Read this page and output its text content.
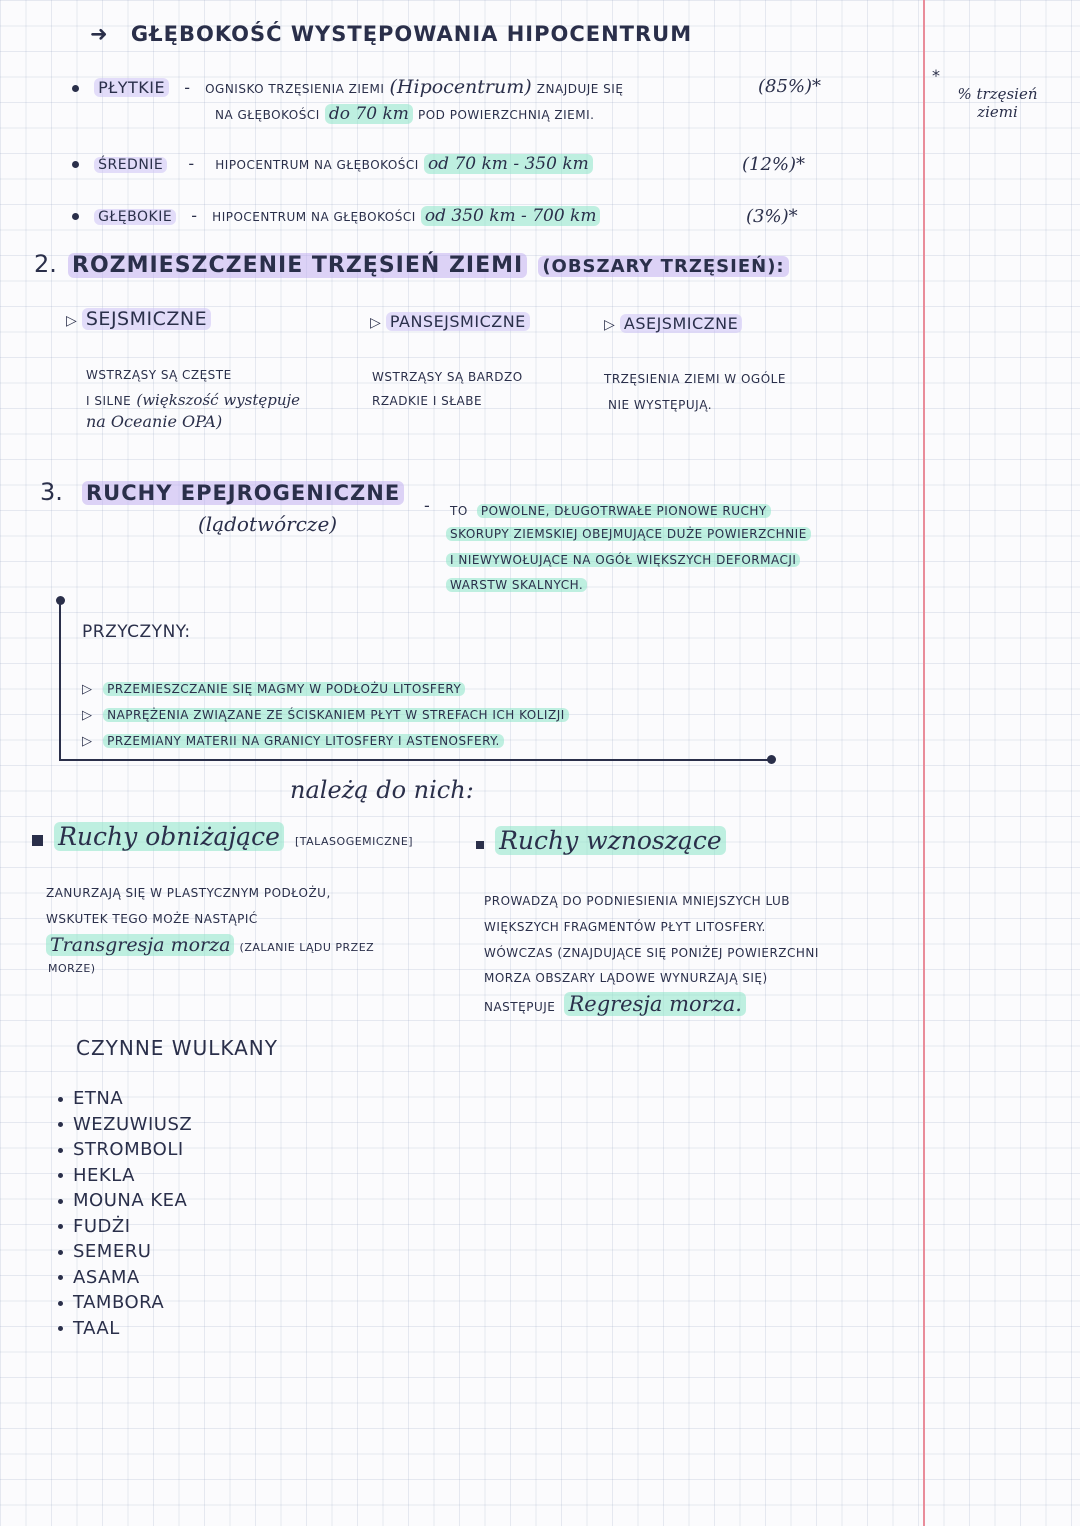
➜ GŁĘBOKOŚĆ WYSTĘPOWANIA HIPOCENTRUM
PŁYTKIE - OGNISKO TRZĘSIENIA ZIEMI (Hipocentrum) ZNAJDUJE SIĘ
NA GŁĘBOKOŚCI do 70 km POD POWIERZCHNIĄ ZIEMI.
(85%)*
ŚREDNIE - HIPOCENTRUM NA GŁĘBOKOŚCI od 70 km - 350 km	(12%)*
GŁĘBOKIE - HIPOCENTRUM NA GŁĘBOKOŚCI od 350 km - 700 km	(3%)*
*
% trzęsień
ziemi
2. ROZMIESZCZENIE TRZĘSIEŃ ZIEMI (OBSZARY TRZĘSIEŃ):
▷ SEJSMICZNE
WSTRZĄSY SĄ CZĘSTE
I SILNE (większość występuje
na Oceanie OPA)
▷ PANSEJSMICZNE
WSTRZĄSY SĄ BARDZO
RZADKIE I SŁABE
▷ ASEJSMICZNE
TRZĘSIENIA ZIEMI W OGÓLE
NIE WYSTĘPUJĄ.
3. RUCHY EPEJROGENICZNE
(lądotwórcze)
- TO POWOLNE, DŁUGOTRWAŁE PIONOWE RUCHY
SKORUPY ZIEMSKIEJ OBEJMUJĄCE DUŻE POWIERZCHNIE
I NIEWYWOŁUJĄCE NA OGÓŁ WIĘKSZYCH DEFORMACJI
WARSTW SKALNYCH.
PRZYCZYNY:
▷ PRZEMIESZCZANIE SIĘ MAGMY W PODŁOŻU LITOSFERY
▷ NAPRĘŻENIA ZWIĄZANE ZE ŚCISKANIEM PŁYT W STREFACH ICH KOLIZJI
▷ PRZEMIANY MATERII NA GRANICY LITOSFERY I ASTENOSFERY.
należą do nich:
Ruchy obniżające [TALASOGEMICZNE]
ZANURZAJĄ SIĘ W PLASTYCZNYM PODŁOŻU,
WSKUTEK TEGO MOŻE NASTĄPIĆ
Transgresja morza (ZALANIE LĄDU PRZEZ
MORZE)
Ruchy wznoszące
PROWADZĄ DO PODNIESIENIA MNIEJSZYCH LUB
WIĘKSZYCH FRAGMENTÓW PŁYT LITOSFERY.
WÓWCZAS (ZNAJDUJĄCE SIĘ PONIŻEJ POWIERZCHNI
MORZA OBSZARY LĄDOWE WYNURZAJĄ SIĘ)
NASTĘPUJE Regresja morza.
CZYNNE WULKANY
ETNA
WEZUWIUSZ
STROMBOLI
HEKLA
MOUNA KEA
FUDŻI
SEMERU
ASAMA
TAMBORA
TAAL
